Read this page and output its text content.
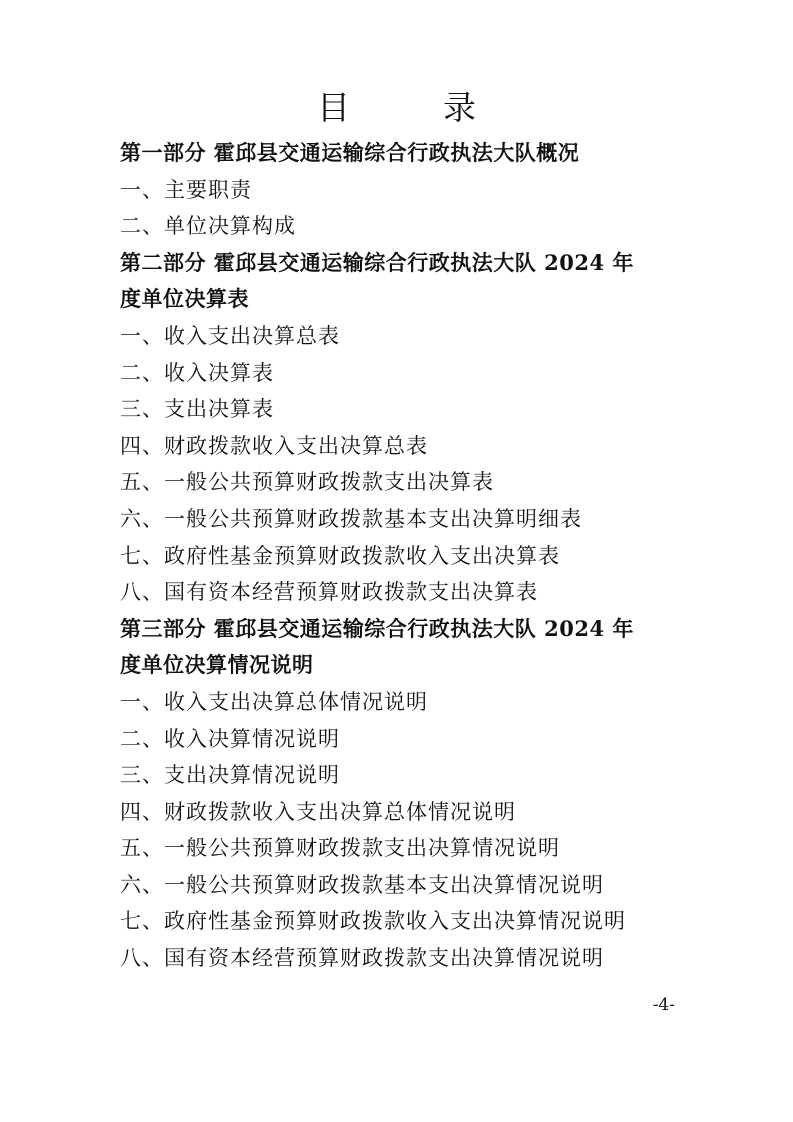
目　录
第一部分 霍邱县交通运输综合行政执法大队概况
一、主要职责
二、单位决算构成
第二部分 霍邱县交通运输综合行政执法大队 2024 年
度单位决算表
一、收入支出决算总表
二、收入决算表
三、支出决算表
四、财政拨款收入支出决算总表
五、一般公共预算财政拨款支出决算表
六、一般公共预算财政拨款基本支出决算明细表
七、政府性基金预算财政拨款收入支出决算表
八、国有资本经营预算财政拨款支出决算表
第三部分 霍邱县交通运输综合行政执法大队 2024 年
度单位决算情况说明
一、收入支出决算总体情况说明
二、收入决算情况说明
三、支出决算情况说明
四、财政拨款收入支出决算总体情况说明
五、一般公共预算财政拨款支出决算情况说明
六、一般公共预算财政拨款基本支出决算情况说明
七、政府性基金预算财政拨款收入支出决算情况说明
八、国有资本经营预算财政拨款支出决算情况说明
-4-
